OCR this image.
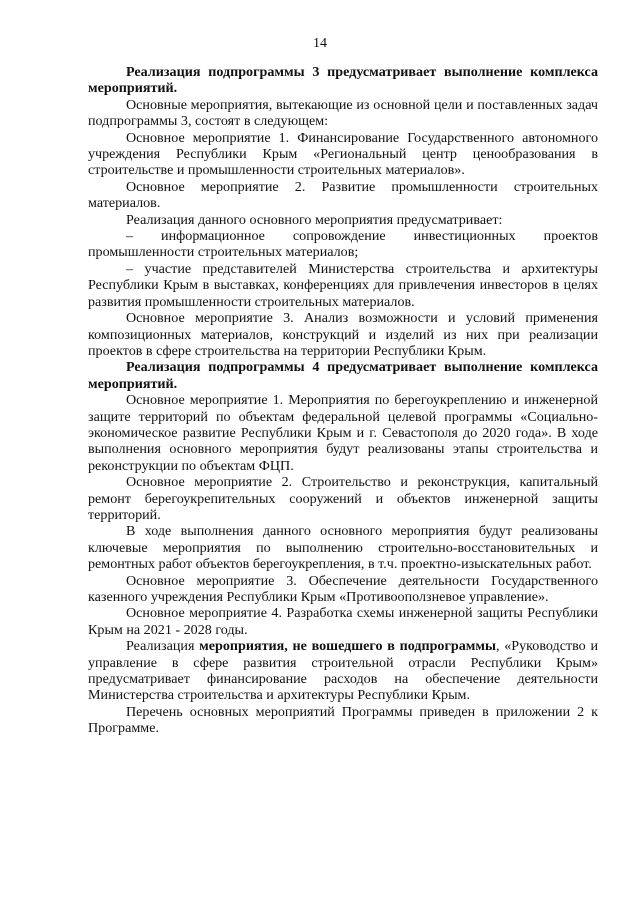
14

Реализация подпрограммы 3 предусматривает выполнение комплекса мероприятий.

Основные мероприятия, вытекающие из основной цели и поставленных задач подпрограммы 3, состоят в следующем:

Основное мероприятие 1. Финансирование Государственного автономного учреждения Республики Крым «Региональный центр ценообразования в строительстве и промышленности строительных материалов».

Основное мероприятие 2. Развитие промышленности строительных материалов.

Реализация данного основного мероприятия предусматривает:

– информационное сопровождение инвестиционных проектов промышленности строительных материалов;

– участие представителей Министерства строительства и архитектуры Республики Крым в выставках, конференциях для привлечения инвесторов в целях развития промышленности строительных материалов.

Основное мероприятие 3. Анализ возможности и условий применения композиционных материалов, конструкций и изделий из них при реализации проектов в сфере строительства на территории Республики Крым.

Реализация подпрограммы 4 предусматривает выполнение комплекса мероприятий.

Основное мероприятие 1. Мероприятия по берегоукреплению и инженерной защите территорий по объектам федеральной целевой программы «Социально-экономическое развитие Республики Крым и г. Севастополя до 2020 года». В ходе выполнения основного мероприятия будут реализованы этапы строительства и реконструкции по объектам ФЦП.

Основное мероприятие 2. Строительство и реконструкция, капитальный ремонт берегоукрепительных сооружений и объектов инженерной защиты территорий.

В ходе выполнения данного основного мероприятия будут реализованы ключевые мероприятия по выполнению строительно-восстановительных и ремонтных работ объектов берегоукрепления, в т.ч. проектно-изыскательных работ.

Основное мероприятие 3. Обеспечение деятельности Государственного казенного учреждения Республики Крым «Противооползневое управление».

Основное мероприятие 4. Разработка схемы инженерной защиты Республики Крым на 2021 - 2028 годы.

Реализация мероприятия, не вошедшего в подпрограммы, «Руководство и управление в сфере развития строительной отрасли Республики Крым» предусматривает финансирование расходов на обеспечение деятельности Министерства строительства и архитектуры Республики Крым.

Перечень основных мероприятий Программы приведен в приложении 2 к Программе.
